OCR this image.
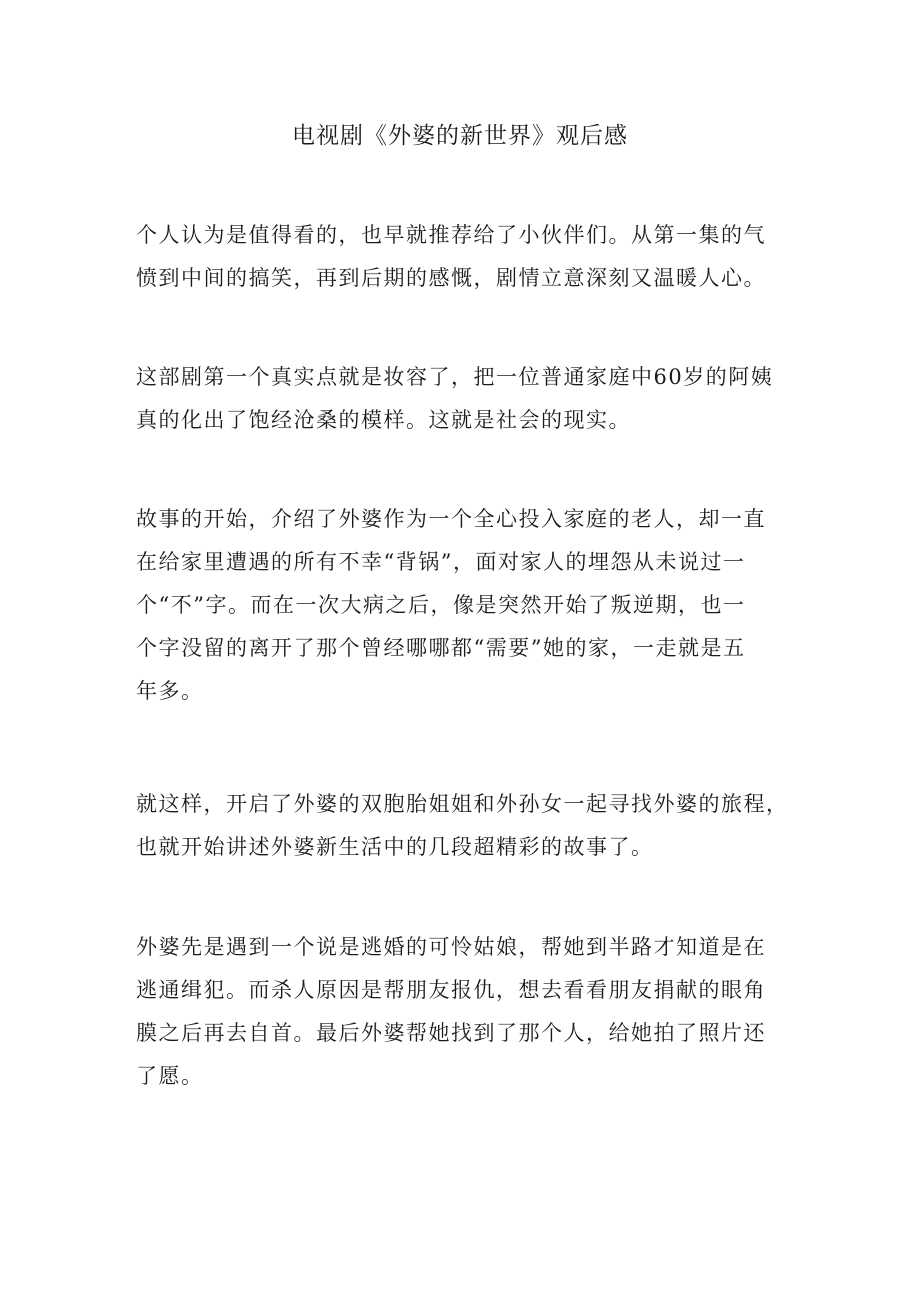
电视剧《外婆的新世界》观后感

个人认为是值得看的，也早就推荐给了小伙伴们。从第一集的气
愤到中间的搞笑，再到后期的感慨，剧情立意深刻又温暖人心。

这部剧第一个真实点就是妆容了，把一位普通家庭中60岁的阿姨
真的化出了饱经沧桑的模样。这就是社会的现实。

故事的开始，介绍了外婆作为一个全心投入家庭的老人，却一直
在给家里遭遇的所有不幸“背锅”，面对家人的埋怨从未说过一
个“不”字。而在一次大病之后，像是突然开始了叛逆期，也一
个字没留的离开了那个曾经哪哪都“需要”她的家，一走就是五
年多。

就这样，开启了外婆的双胞胎姐姐和外孙女一起寻找外婆的旅程，
也就开始讲述外婆新生活中的几段超精彩的故事了。

外婆先是遇到一个说是逃婚的可怜姑娘，帮她到半路才知道是在
逃通缉犯。而杀人原因是帮朋友报仇，想去看看朋友捐献的眼角
膜之后再去自首。最后外婆帮她找到了那个人，给她拍了照片还
了愿。
